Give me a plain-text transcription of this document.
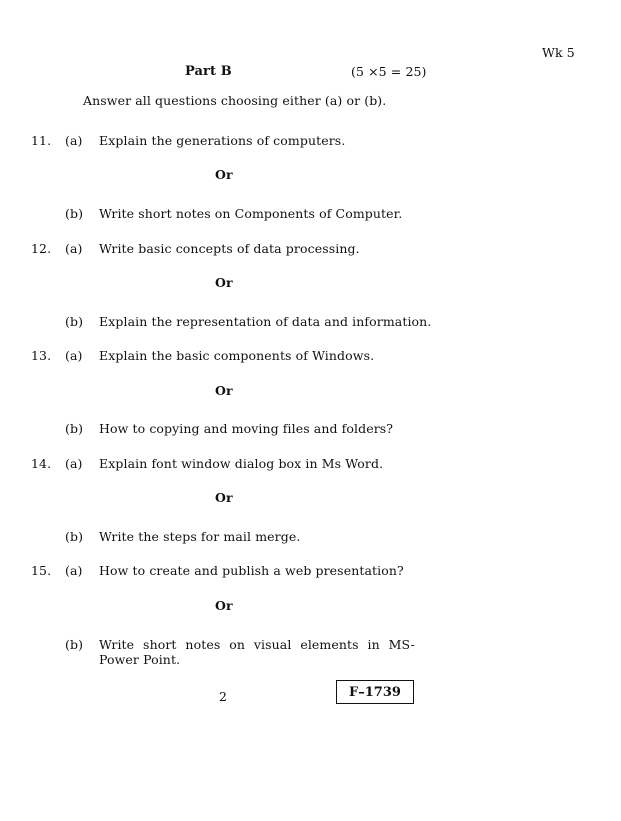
Wk 5
Part B	(5 ×5 = 25)
Answer all questions choosing either (a) or (b).
11. (a) Explain the generations of computers.
Or
(b) Write short notes on Components of Computer.
12. (a) Write basic concepts of data processing.
Or
(b) Explain the representation of data and information.
13. (a) Explain the basic components of Windows.
Or
(b) How to copying and moving files and folders?
14. (a) Explain font window dialog box in Ms Word.
Or
(b) Write the steps for mail merge.
15. (a) How to create and publish a web presentation?
Or
(b) Write short notes on visual elements in MS-Power Point.
2	F–1739
